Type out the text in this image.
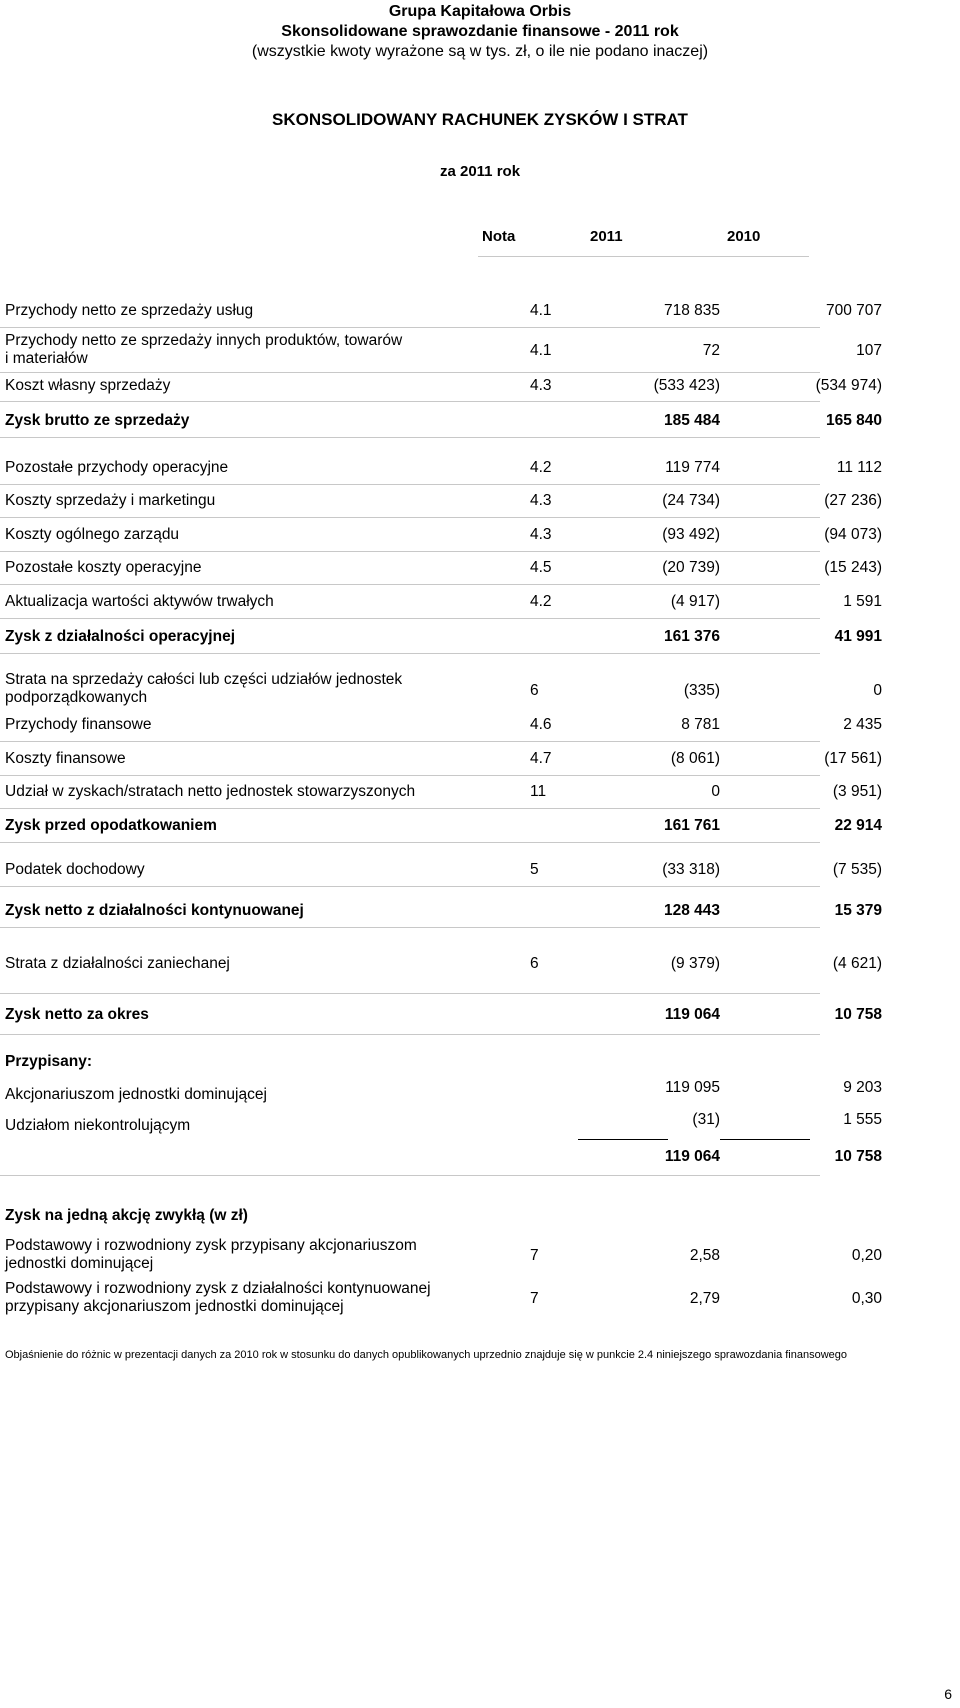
Grupa Kapitałowa Orbis
Skonsolidowane sprawozdanie finansowe - 2011 rok
(wszystkie kwoty wyrażone są w tys. zł, o ile nie podano inaczej)
SKONSOLIDOWANY RACHUNEK ZYSKÓW I STRAT
za 2011 rok
Nota	2011	2010
Przychody netto ze sprzedaży usług	4.1	718 835	700 707
Przychody netto ze sprzedaży innych produktów, towarów
i materiałów	4.1	72	107
Koszt własny sprzedaży	4.3	(533 423)	(534 974)
Zysk brutto ze sprzedaży	185 484	165 840
Pozostałe przychody operacyjne	4.2	119 774	11 112
Koszty sprzedaży i marketingu	4.3	(24 734)	(27 236)
Koszty ogólnego zarządu	4.3	(93 492)	(94 073)
Pozostałe koszty operacyjne	4.5	(20 739)	(15 243)
Aktualizacja wartości aktywów trwałych	4.2	(4 917)	1 591
Zysk z działalności operacyjnej	161 376	41 991
Strata na sprzedaży całości lub części udziałów jednostek
podporządkowanych	6	(335)	0
Przychody finansowe	4.6	8 781	2 435
Koszty finansowe	4.7	(8 061)	(17 561)
Udział w zyskach/stratach netto jednostek stowarzyszonych	11	0	(3 951)
Zysk przed opodatkowaniem	161 761	22 914
Podatek dochodowy	5	(33 318)	(7 535)
Zysk netto z działalności kontynuowanej	128 443	15 379
Strata z działalności zaniechanej	6	(9 379)	(4 621)
Zysk netto za okres	119 064	10 758
Przypisany:
Akcjonariuszom jednostki dominującej	119 095	9 203
Udziałom niekontrolującym	(31)	1 555
119 064	10 758
Zysk na jedną akcję zwykłą (w zł)
Podstawowy i rozwodniony zysk przypisany akcjonariuszom
jednostki dominującej	7	2,58	0,20
Podstawowy i rozwodniony zysk z działalności kontynuowanej
przypisany akcjonariuszom jednostki dominującej	7	2,79	0,30
Objaśnienie do różnic w prezentacji danych za 2010 rok w stosunku do danych opublikowanych uprzednio znajduje się w punkcie 2.4 niniejszego sprawozdania finansowego
6
